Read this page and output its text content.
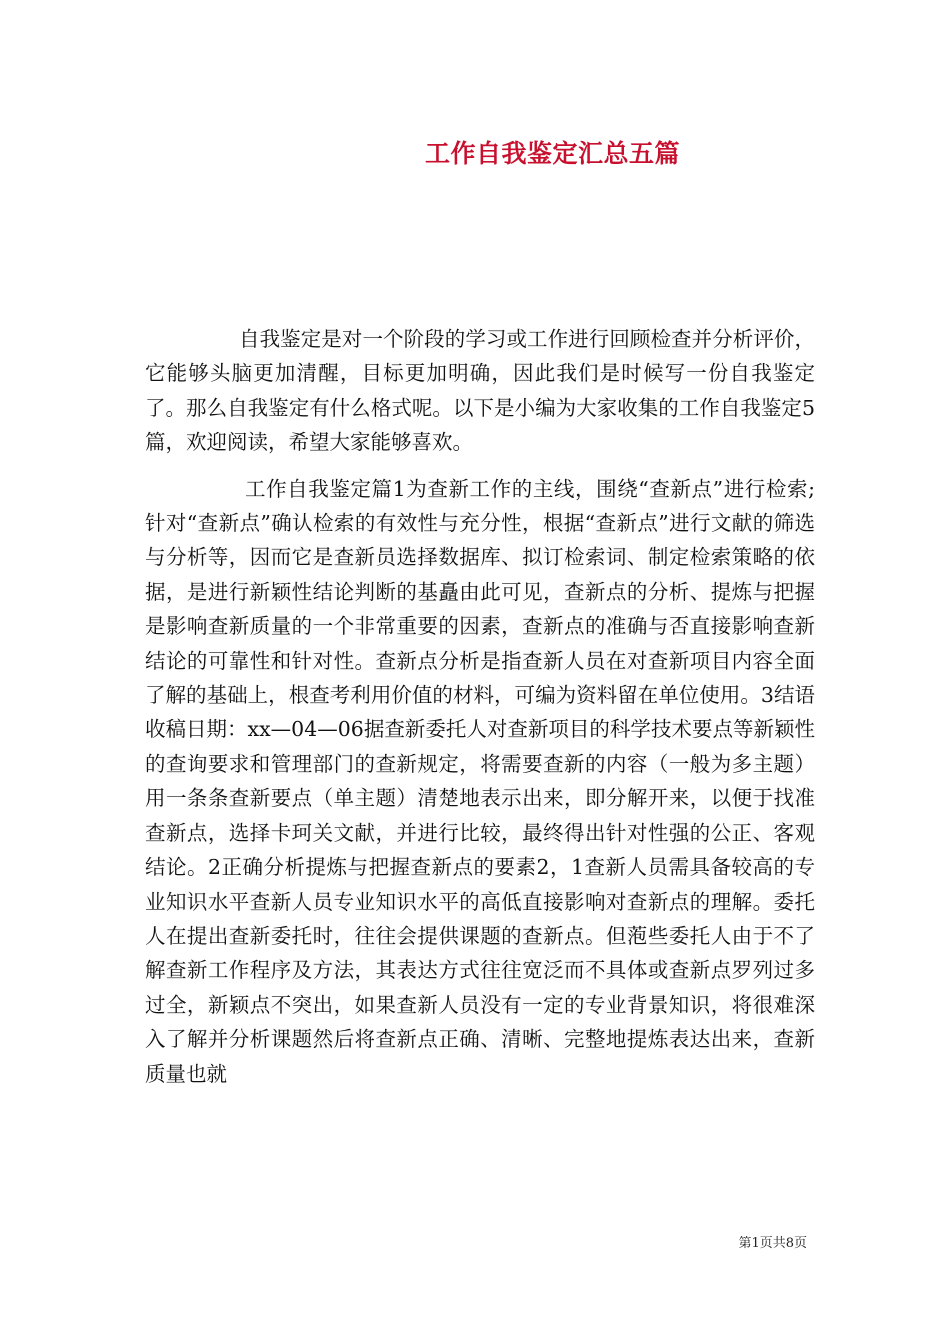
工作自我鉴定汇总五篇

自我鉴定是对一个阶段的学习或工作进行回顾检查并分析评价，它能够头脑更加清醒，目标更加明确，因此我们是时候写一份自我鉴定了。那么自我鉴定有什么格式呢。以下是小编为大家收集的工作自我鉴定5篇，欢迎阅读，希望大家能够喜欢。

工作自我鉴定篇1为查新工作的主线，围绕“查新点”进行检索;针对“查新点”确认检索的有效性与充分性，根据“查新点”进行文献的筛选与分析等，因而它是查新员选择数据库、拟订检索词、制定检索策略的依据，是进行新颖性结论判断的基矗由此可见，查新点的分析、提炼与把握是影响查新质量的一个非常重要的因素，查新点的准确与否直接影响查新结论的可靠性和针对性。查新点分析是指查新人员在对查新项目内容全面了解的基础上，根查考利用价值的材料，可编为资料留在单位使用。3结语收稿日期：xx—04—06据查新委托人对查新项目的科学技术要点等新颖性的查询要求和管理部门的查新规定，将需要查新的内容（一般为多主题）用一条条查新要点（单主题）清楚地表示出来，即分解开来，以便于找准查新点，选择卡珂关文献，并进行比较，最终得出针对性强的公正、客观结论。2正确分析提炼与把握查新点的要素2，1查新人员需具备较高的专业知识水平查新人员专业知识水平的高低直接影响对查新点的理解。委托人在提出查新委托时，往往会提供课题的查新点。但萢些委托人由于不了解查新工作程序及方法，其表达方式往往宽泛而不具体或查新点罗列过多过全，新颖点不突出，如果查新人员没有一定的专业背景知识，将很难深入了解并分析课题然后将查新点正确、清晰、完整地提炼表达出来，查新质量也就

第1页共8页
